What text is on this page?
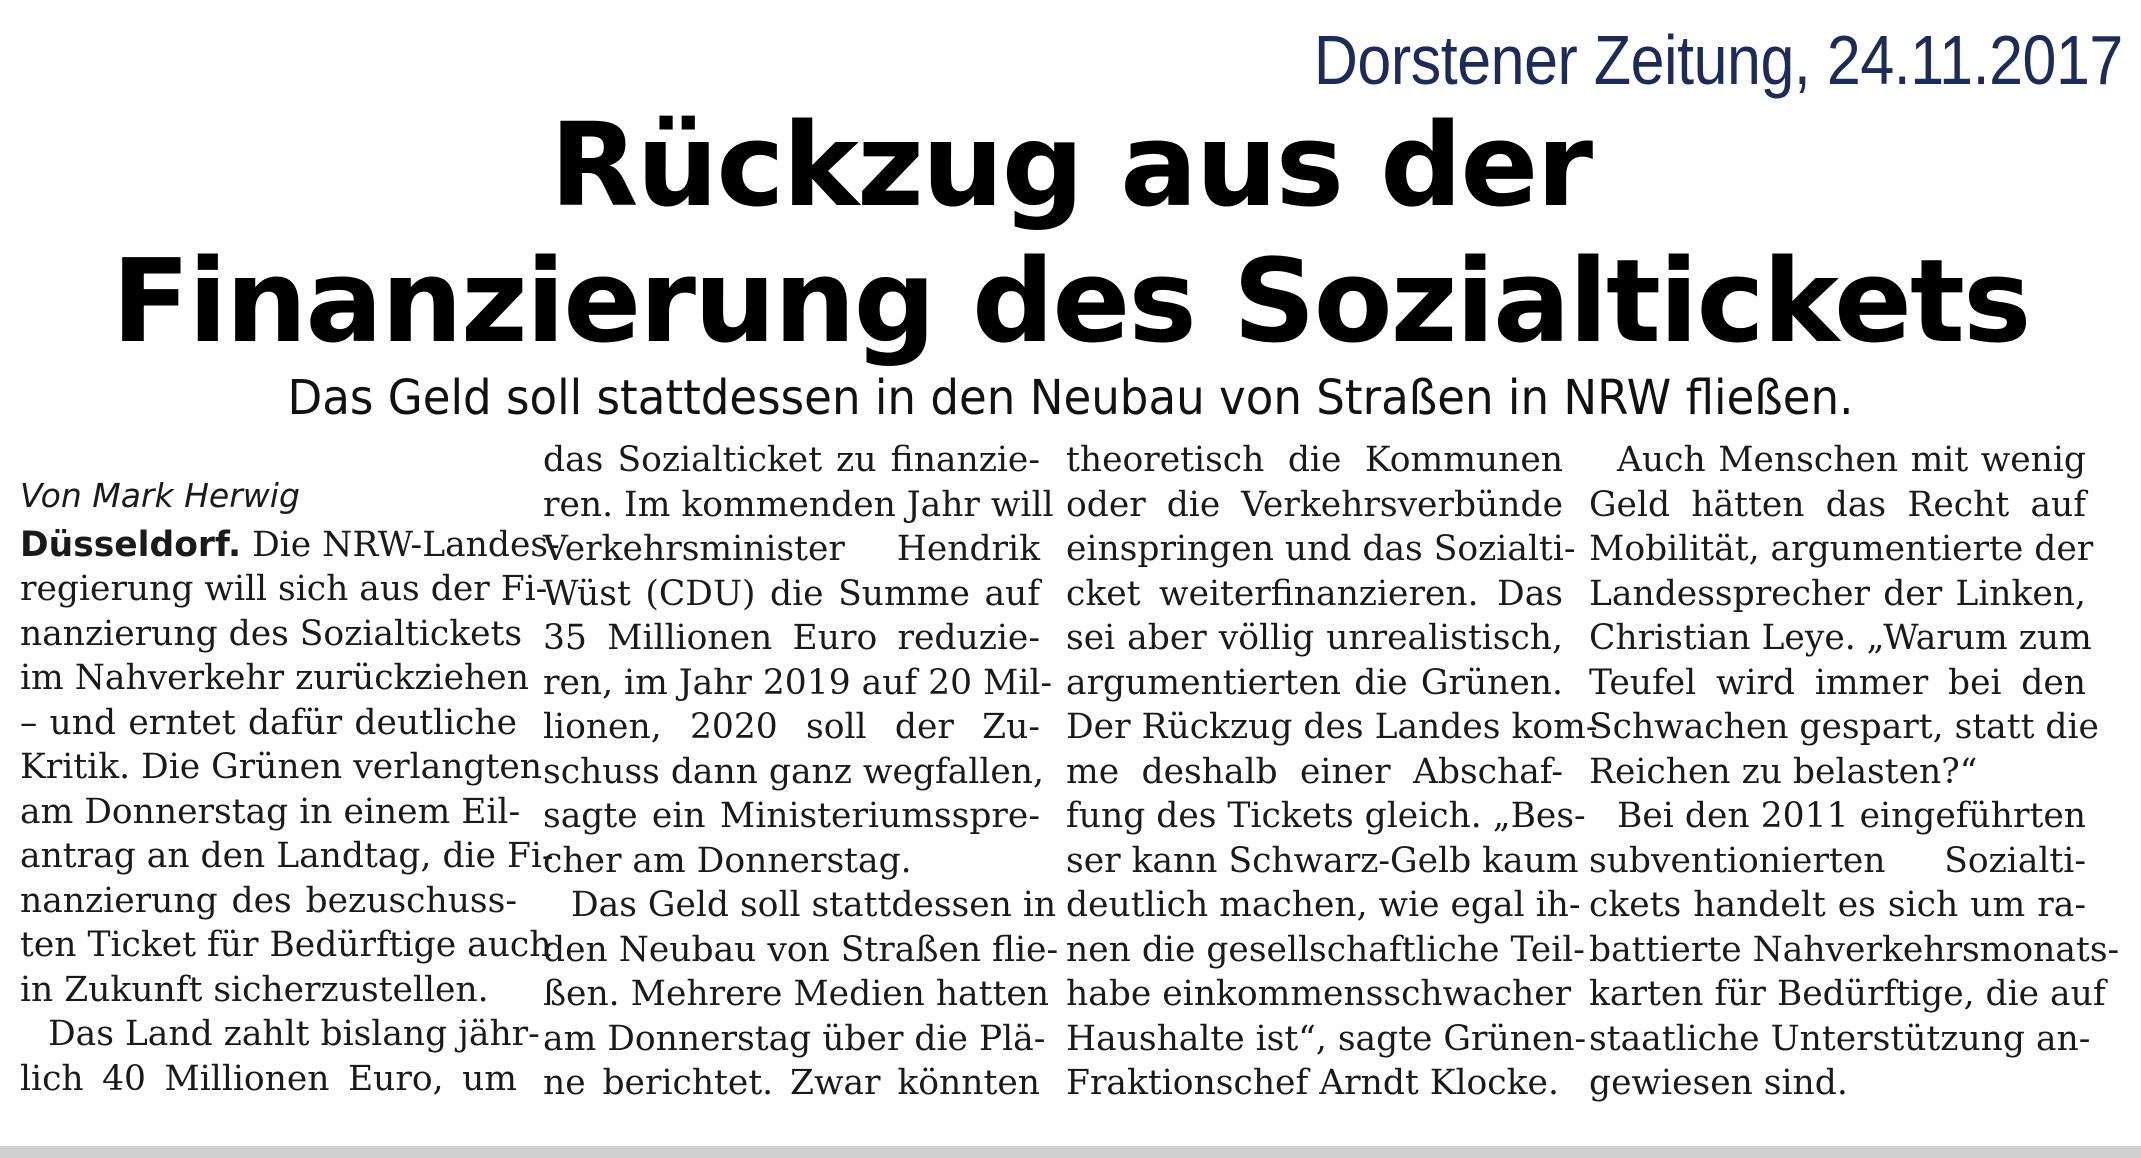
Dorstener Zeitung, 24.11.2017
Rückzug aus der
Finanzierung des Sozialtickets
Das Geld soll stattdessen in den Neubau von Straßen in NRW fließen.
Von Mark Herwig

Düsseldorf. Die NRW-Landes-
regierung will sich aus der Fi-
nanzierung des Sozialtickets
im Nahverkehr zurückziehen
– und erntet dafür deutliche
Kritik. Die Grünen verlangten
am Donnerstag in einem Eil-
antrag an den Landtag, die Fi-
nanzierung des bezuschuss-
ten Ticket für Bedürftige auch
in Zukunft sicherzustellen.

Das Land zahlt bislang jähr-

lich 40 Millionen Euro, um

das Sozialticket zu finanzie-
ren. Im kommenden Jahr will
Verkehrsminister Hendrik
Wüst (CDU) die Summe auf
35 Millionen Euro reduzie-
ren, im Jahr 2019 auf 20 Mil-
lionen, 2020 soll der Zu-
schuss dann ganz wegfallen,
sagte ein Ministeriumsspre-
cher am Donnerstag.

Das Geld soll stattdessen in

den Neubau von Straßen flie-
ßen. Mehrere Medien hatten
am Donnerstag über die Plä-
ne berichtet. Zwar könnten

theoretisch die Kommunen
oder die Verkehrsverbünde
einspringen und das Sozialti-
cket weiterfinanzieren. Das
sei aber völlig unrealistisch,
argumentierten die Grünen.
Der Rückzug des Landes kom-
me deshalb einer Abschaf-
fung des Tickets gleich. „Bes-
ser kann Schwarz-Gelb kaum
deutlich machen, wie egal ih-
nen die gesellschaftliche Teil-
habe einkommensschwacher
Haushalte ist“, sagte Grünen-
Fraktionschef Arndt Klocke.

Auch Menschen mit wenig

Geld hätten das Recht auf
Mobilität, argumentierte der
Landessprecher der Linken,
Christian Leye. „Warum zum
Teufel wird immer bei den
Schwachen gespart, statt die
Reichen zu belasten?“

Bei den 2011 eingeführten

subventionierten Sozialti-
ckets handelt es sich um ra-
battierte Nahverkehrsmonats-
karten für Bedürftige, die auf
staatliche Unterstützung an-
gewiesen sind.
